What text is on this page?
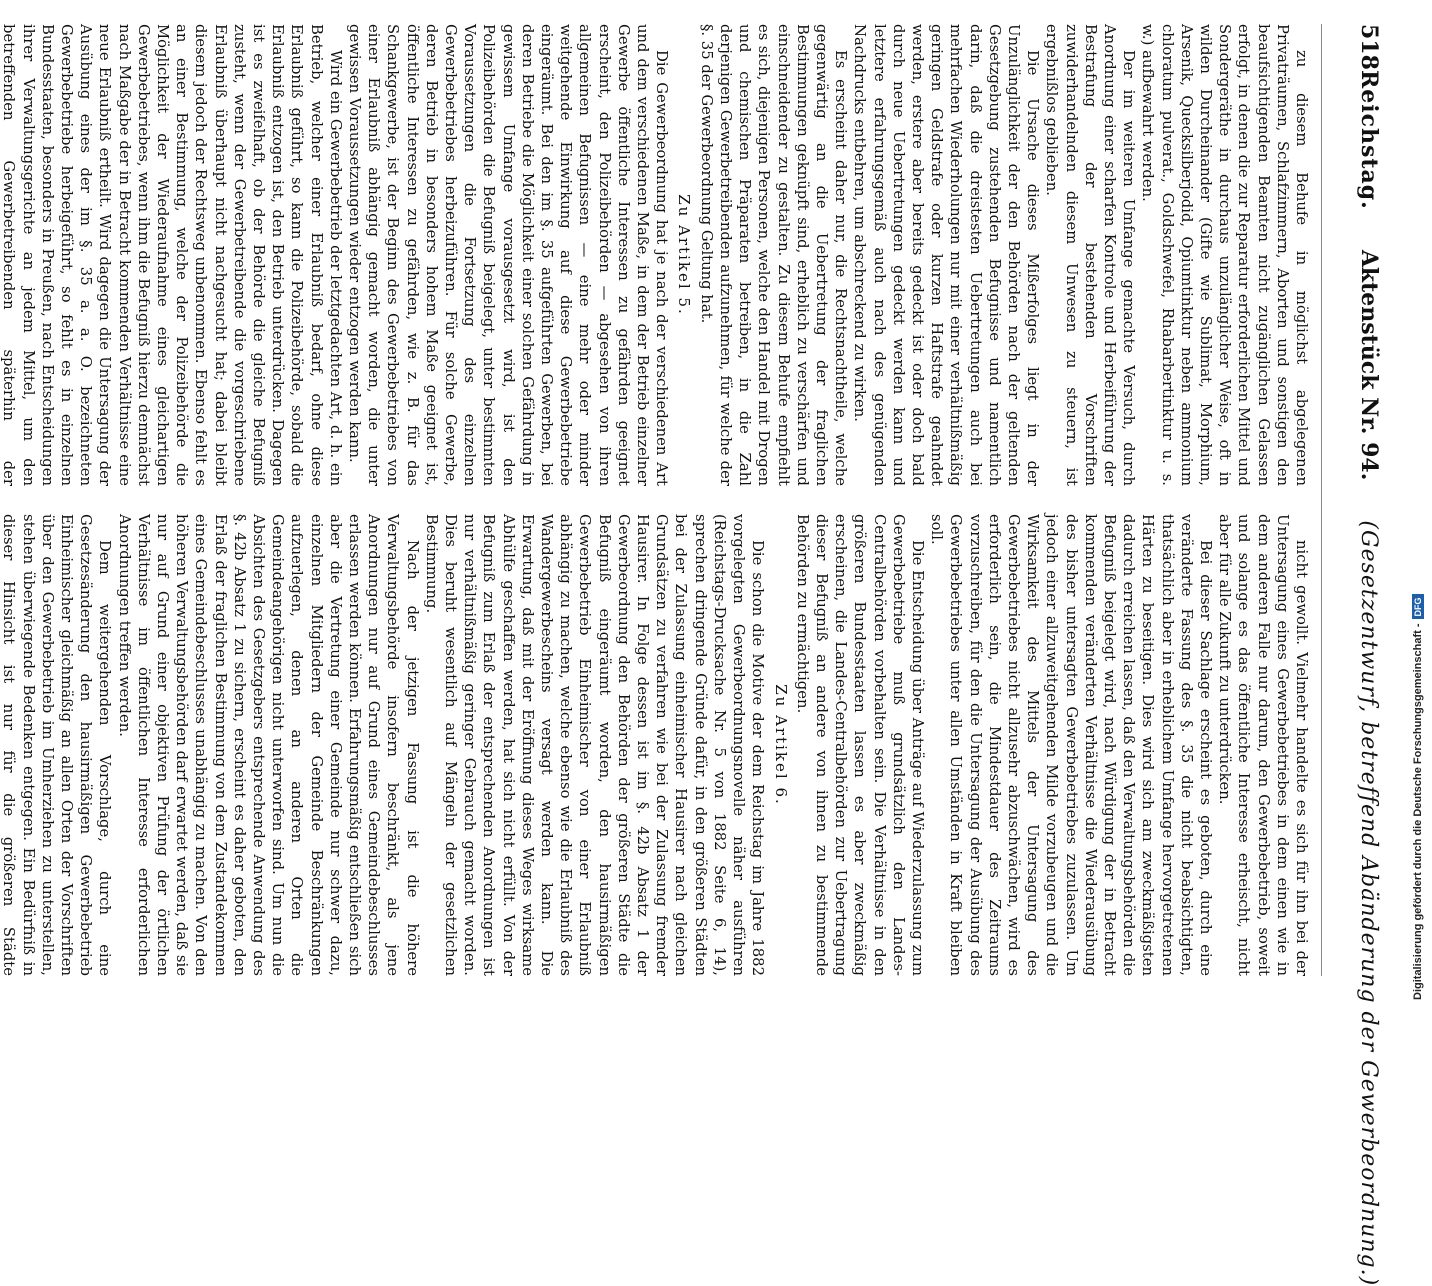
518
Reichstag.
Aktenstück Nr. 94.
(Gesetzentwurf, betreffend Abänderung der Gewerbeordnung.)

zu diesem Behufe in möglichst abgelegenen Privaträumen, Schlafzimmern, Aborten und sonstigen den beaufsichtigenden Beamten nicht zugänglichen Gelassen erfolgt, in denen die zur Reparatur erforderlichen Mittel und Sondergeräthe in durchaus unzulänglicher Weise, oft in wilden Durcheinander (Gifte wie Sublimat, Morphium, Arsenik, Quecksilberjodid, Opiumtinktur neben ammonium chloratum pulverat., Goldschwefel, Rhabarbertinktur u. s. w.) aufbewahrt werden.

Der im weiteren Umfange gemachte Versuch, durch Anordnung einer scharfen Kontrole und Herbeiführung der Bestrafung der bestehenden Vorschriften zuwiderhandelnden diesem Unwesen zu steuern, ist ergebnißlos geblieben.

Die Ursache dieses Mißerfolges liegt in der Unzulänglichkeit der den Behörden nach der geltenden Gesetzgebung zustehenden Befugnisse und namentlich darin, daß die dreistesten Uebertretungen auch bei mehrfachen Wiederholungen nur mit einer verhältnißmäßig geringen Geldstrafe oder kurzen Haftstrafe geahndet werden, erstere aber bereits gedeckt ist oder doch bald durch neue Uebertretungen gedeckt werden kann und letztere erfahrungsgemäß auch nach des genügenden Nachdrucks entbehren, um abschreckend zu wirken.

Es erscheint daher nur, die Rechtsnachtheile, welche gegenwärtig an die Uebertretung der fraglichen Bestimmungen geknüpft sind, erheblich zu verschärfen und einschneidender zu gestalten. Zu diesem Behufe empfiehlt es sich, diejenigen Personen, welche den Handel mit Drogen und chemischen Präparaten betreiben, in die Zahl derjenigen Gewerbetreibenden aufzunehmen, für welche der §. 35 der Gewerbeordnung Geltung hat.

Zu Artikel 5.

Die Gewerbeordnung hat je nach der verschiedenen Art und dem verschiedenen Maße, in dem der Betrieb einzelner Gewerbe öffentliche Interessen zu gefährden geeignet erscheint, den Polizeibehörden — abgesehen von ihren allgemeinen Befugnissen — eine mehr oder minder weitgehende Einwirkung auf diese Gewerbebetriebe eingeräumt. Bei den im §. 35 aufgeführten Gewerben, bei deren Betriebe die Möglichkeit einer solchen Gefährdung in gewissem Umfange vorausgesetzt wird, ist den Polizeibehörden die Befugniß beigelegt, unter bestimmten Voraussetzungen die Fortsetzung des einzelnen Gewerbebetriebes herbeizuführen. Für solche Gewerbe, deren Betrieb in besonders hohem Maße geeignet ist, öffentliche Interessen zu gefährden, wie z. B. für das Schankgewerbe, ist der Beginn des Gewerbebetriebes von einer Erlaubniß abhängig gemacht worden, die unter gewissen Voraussetzungen wieder entzogen werden kann.

Wird ein Gewerbebetrieb der letztgedachten Art, d. h. ein Betrieb, welcher einer Erlaubniß bedarf, ohne diese Erlaubniß geführt, so kann die Polizeibehörde, sobald die Erlaubniß entzogen ist, den Betrieb unterdrücken. Dagegen ist es zweifelhaft, ob der Behörde die gleiche Befugniß zusteht, wenn der Gewerbetreibende die vorgeschriebene Erlaubniß überhaupt nicht nachgesucht hat; dabei bleibt diesem jedoch der Rechtsweg unbenommen. Ebenso fehlt es an einer Bestimmung, welche der Polizeibehörde die Möglichkeit der Wiederaufnahme eines gleichartigen Gewerbebetriebes, wenn ihm die Befugniß hierzu demnächst nach Maßgabe der in Betracht kommenden Verhältnisse eine neue Erlaubniß ertheilt. Wird dagegen die Untersagung der Ausübung eines der im §. 35 a. a. O. bezeichneten Gewerbebetriebe herbeigeführt, so fehlt es in einzelnen Bundesstaaten, besonders in Preußen, nach Entscheidungen ihrer Verwaltungsgerichte an jedem Mittel, um den betreffenden Gewerbetreibenden späterhin der

nicht gewollt. Vielmehr handelte es sich für ihn bei der Untersagung eines Gewerbebetriebes in dem einen wie in dem anderen Falle nur darum, den Gewerbebetrieb, soweit und solange es das öffentliche Interesse erheischt, nicht aber für alle Zukunft zu unterdrücken.

Bei dieser Sachlage erscheint es geboten, durch eine veränderte Fassung des §. 35 die nicht beabsichtigten, thatsächlich aber in erheblichem Umfange hervorgetretenen Härten zu beseitigen. Dies wird sich am zweckmäßigsten dadurch erreichen lassen, daß den Verwaltungsbehörden die Befugniß beigelegt wird, nach Würdigung der in Betracht kommenden veränderten Verhältnisse die Wiederausübung des bisher untersagten Gewerbebetriebes zuzulassen. Um jedoch einer allzuweitgehenden Milde vorzubeugen und die Wirksamkeit des Mittels der Untersagung des Gewerbebetriebes nicht allzusehr abzuschwächen, wird es erforderlich sein, die Mindestdauer des Zeitraums vorzuschreiben, für den die Untersagung der Ausübung des Gewerbebetriebes unter allen Umständen in Kraft bleiben soll.

Die Entscheidung über Anträge auf Wiederzulassung zum Gewerbebetriebe muß grundsätzlich den Landes-Centralbehörden vorbehalten sein. Die Verhältnisse in den größeren Bundesstaaten lassen es aber zweckmäßig erscheinen, die Landes-Centralbehörden zur Uebertragung dieser Befugniß an andere von ihnen zu bestimmende Behörden zu ermächtigen.

Zu Artikel 6.

Die schon die Motive der dem Reichstag im Jahre 1882 vorgelegten Gewerbeordnungsnovelle näher ausführen (Reichstags-Drucksache Nr. 5 von 1882 Seite 6, 14), sprechen dringende Gründe dafür, in den größeren Städten bei der Zulassung einheimischer Hausirer nach gleichen Grundsätzen zu verfahren wie bei der Zulassung fremder Hausirer. In Folge dessen ist im §. 42b Absatz 1 der Gewerbeordnung den Behörden der größeren Städte die Befugniß eingeräumt worden, den hausirmäßigen Gewerbebetrieb Einheimischer von einer Erlaubniß abhängig zu machen, welche ebenso wie die Erlaubniß des Wandergewerbescheins versagt werden kann. Die Erwartung, daß mit der Eröffnung dieses Weges wirksame Abhülfe geschaffen werden, hat sich nicht erfüllt. Von der Befugniß zum Erlaß der entsprechenden Anordnungen ist nur verhältnißmäßig geringer Gebrauch gemacht worden. Dies beruht wesentlich auf Mängeln der gesetzlichen Bestimmung.

Nach der jetzigen Fassung ist die höhere Verwaltungsbehörde insofern beschränkt, als jene Anordnungen nur auf Grund eines Gemeindebeschlusses erlassen werden können. Erfahrungsmäßig entschließen sich aber die Vertretung einer Gemeinde nur schwer dazu, einzelnen Mitgliedern der Gemeinde Beschränkungen aufzuerlegen, denen an anderen Orten die Gemeindeangehörigen nicht unterworfen sind. Um nun die Absichten des Gesetzgebers entsprechende Anwendung des §. 42b Absatz 1 zu sichern, erscheint es daher geboten, den Erlaß der fraglichen Bestimmung von dem Zustandekommen eines Gemeindebeschlusses unabhängig zu machen. Von den höheren Verwaltungsbehörden darf erwartet werden, daß sie nur auf Grund einer objektiven Prüfung der örtlichen Verhältnisse im öffentlichen Interesse erforderlichen Anordnungen treffen werden.

Dem weitergehenden Vorschlage, durch eine Gesetzesänderung den hausirmäßigen Gewerbebetrieb Einheimischer gleichmäßig an allen Orten der Vorschriften über den Gewerbebetrieb im Umherziehen zu unterstellen, stehen überwiegende Bedenken entgegen. Ein Bedürfniß in dieser Hinsicht ist nur für die größeren Städte	Digitalisierung gefördert durch die Deutsche Forschungsgemeinschaft -
DFG
